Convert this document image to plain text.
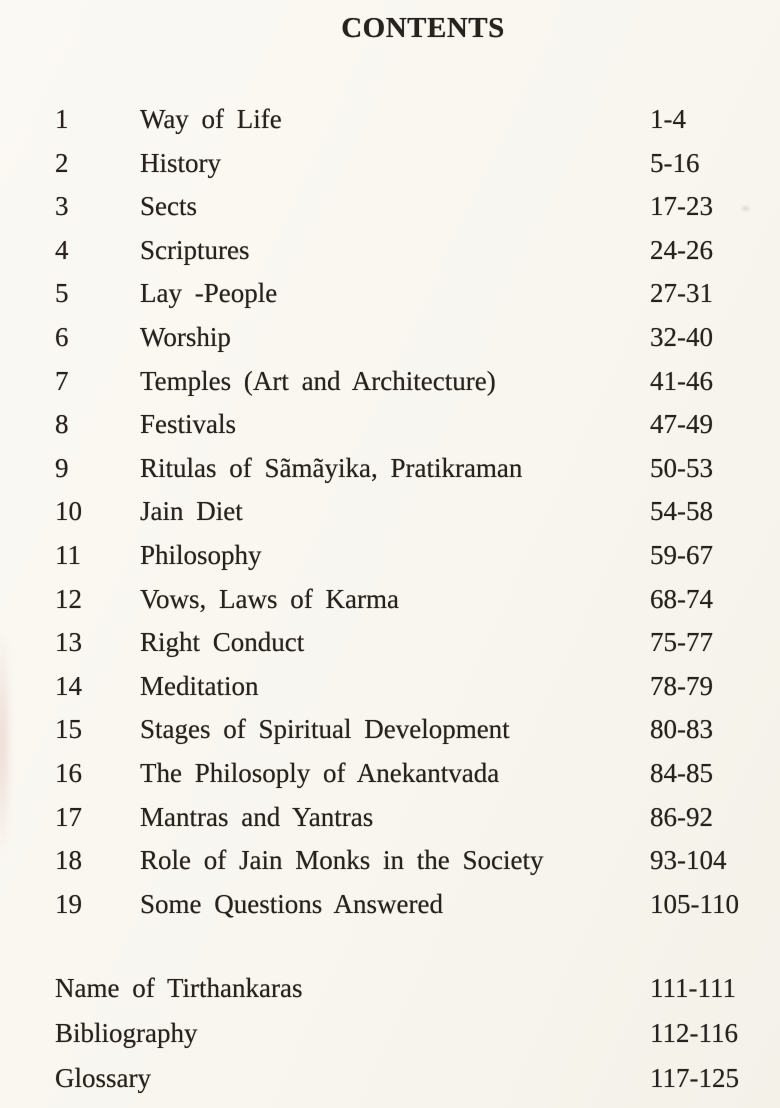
CONTENTS
1	Way of Life	1-4
2	History	5-16
3	Sects	17-23
4	Scriptures	24-26
5	Lay -People	27-31
6	Worship	32-40
7	Temples (Art and Architecture)	41-46
8	Festivals	47-49
9	Ritulas of Sãmãyika, Pratikraman	50-53
10 Jain Diet	54-58
11 Philosophy	59-67
12 Vows, Laws of Karma	68-74
13 Right Conduct	75-77
14 Meditation	78-79
15 Stages of Spiritual Development	80-83
16 The Philosoply of Anekantvada	84-85
17 Mantras and Yantras	86-92
18 Role of Jain Monks in the Society	93-104
19 Some Questions Answered	105-110
Name of Tirthankaras	111-111
Bibliography	112-116
Glossary	117-125
